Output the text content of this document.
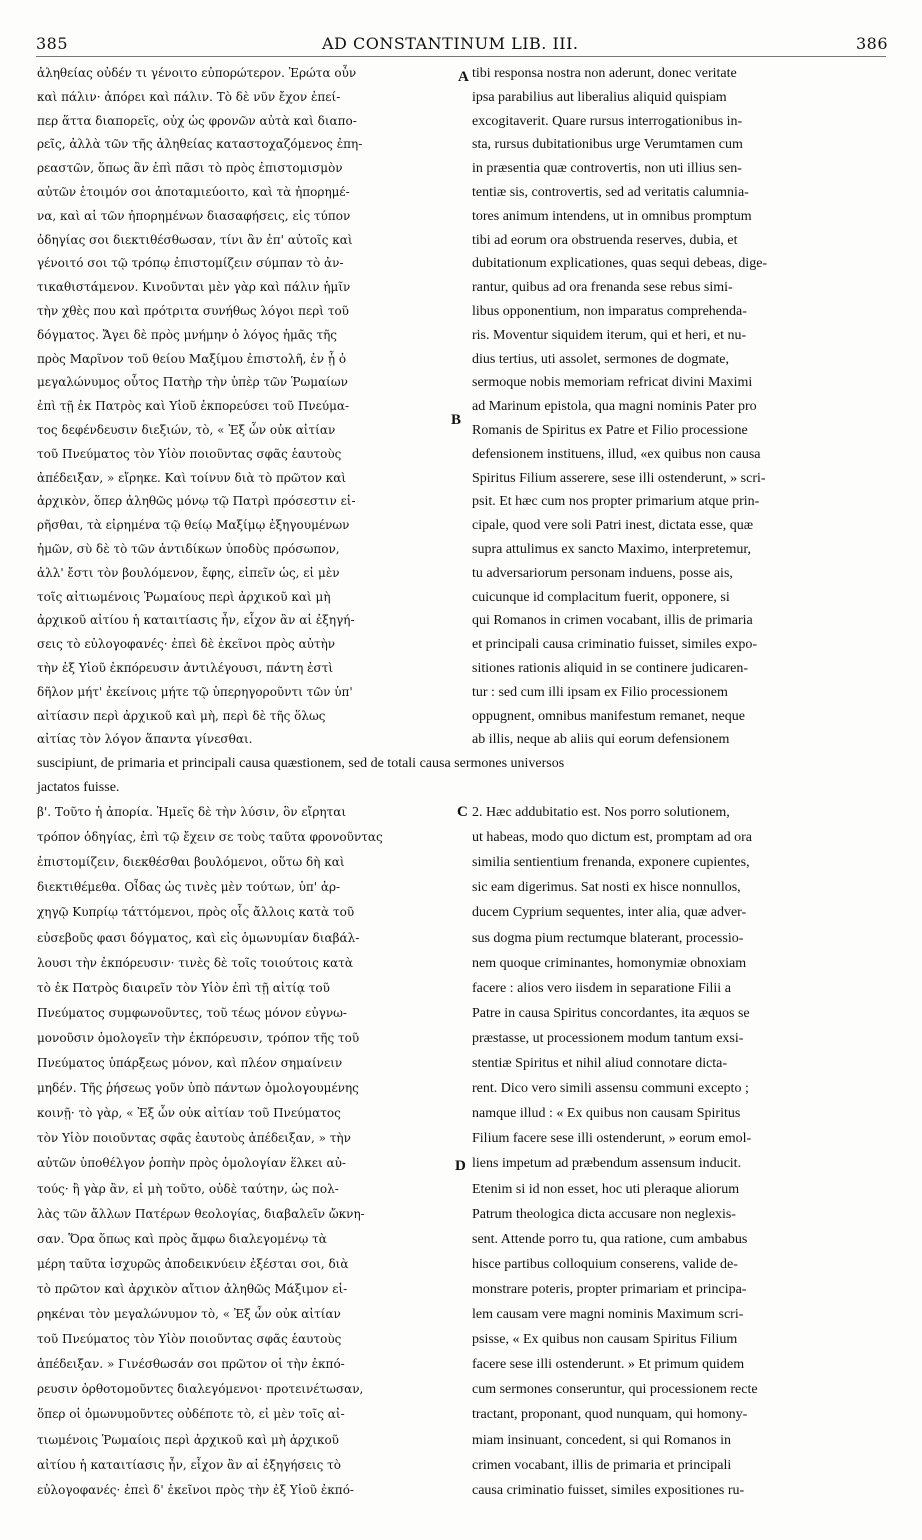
385	AD CONSTANTINUM LIB. III.	386
A
B
C
D
ἀληθείας οὐδέν τι γένοιτο εὐπορώτερον. Ἐρώτα οὖν
καὶ πάλιν· ἀπόρει καὶ πάλιν. Τὸ δὲ νῦν ἔχον ἐπεί-
περ ἅττα διαπορεῖς, οὐχ ὡς φρονῶν αὐτὰ καὶ διαπο-
ρεῖς, ἀλλὰ τῶν τῆς ἀληθείας καταστοχαζόμενος ἐπη-
ρεαστῶν, ὅπως ἂν ἐπὶ πᾶσι τὸ πρὸς ἐπιστομισμὸν
αὐτῶν ἑτοιμόν σοι ἀποταμιεύοιτο, καὶ τὰ ἠπορημέ-
να, καὶ αἱ τῶν ἠπορημένων διασαφήσεις, εἰς τύπον
ὁδηγίας σοι διεκτιθέσθωσαν, τίνι ἂν ἐπ' αὐτοῖς καὶ
γένοιτό σοι τῷ τρόπῳ ἐπιστομίζειν σύμπαν τὸ ἀν-
τικαθιστάμενον. Κινοῦνται μὲν γὰρ καὶ πάλιν ἡμῖν
τὴν χθὲς που καὶ πρότριτα συνήθως λόγοι περὶ τοῦ
δόγματος. Ἄγει δὲ πρὸς μνήμην ὁ λόγος ἡμᾶς τῆς
πρὸς Μαρῖνον τοῦ θείου Μαξίμου ἐπιστολῆ, ἐν ᾗ ὁ
μεγαλώνυμος οὗτος Πατὴρ τὴν ὑπὲρ τῶν Ῥωμαίων
ἐπὶ τῇ ἐκ Πατρὸς καὶ Υἱοῦ ἐκπορεύσει τοῦ Πνεύμα-
τος δεφένδευσιν διεξιών, τὸ, « Ἐξ ὧν οὐκ αἰτίαν
τοῦ Πνεύματος τὸν Υἱὸν ποιοῦντας σφᾶς ἑαυτοὺς
ἀπέδειξαν, » εἴρηκε. Καὶ τοίνυν διὰ τὸ πρῶτον καὶ
ἀρχικὸν, ὅπερ ἀληθῶς μόνῳ τῷ Πατρὶ πρόσεστιν εἰ-
ρῆσθαι, τὰ εἰρημένα τῷ θείῳ Μαξίμῳ ἐξηγουμένων
ἡμῶν, σὺ δὲ τὸ τῶν ἀντιδίκων ὑποδὺς πρόσωπον,
ἀλλ' ἔστι τὸν βουλόμενον, ἔφης, εἰπεῖν ὡς, εἰ μὲν
τοῖς αἰτιωμένοις Ῥωμαίους περὶ ἀρχικοῦ καὶ μὴ
ἀρχικοῦ αἰτίου ἡ καταιτίασις ἦν, εἶχον ἂν αἱ ἐξηγή-
σεις τὸ εὐλογοφανές· ἐπεὶ δὲ ἐκεῖνοι πρὸς αὐτὴν
τὴν ἐξ Υἱοῦ ἐκπόρευσιν ἀντιλέγουσι, πάντη ἐστὶ
δῆλον μήτ' ἐκείνοις μήτε τῷ ὑπερηγοροῦντι τῶν ὑπ'
αἰτίασιν περὶ ἀρχικοῦ καὶ μὴ, περὶ δὲ τῆς ὅλως
αἰτίας τὸν λόγον ἅπαντα γίνεσθαι.
tibi responsa nostra non aderunt, donec veritate
ipsa parabilius aut liberalius aliquid quispiam
excogitaverit. Quare rursus interrogationibus in-
sta, rursus dubitationibus urge Verumtamen cum
in præsentia quæ controvertis, non uti illius sen-
tentiæ sis, controvertis, sed ad veritatis calumnia-
tores animum intendens, ut in omnibus promptum
tibi ad eorum ora obstruenda reserves, dubia, et
dubitationum explicationes, quas sequi debeas, dige-
rantur, quibus ad ora frenanda sese rebus simi-
libus opponentium, non imparatus comprehenda-
ris. Moventur siquidem iterum, qui et heri, et nu-
dius tertius, uti assolet, sermones de dogmate,
sermoque nobis memoriam refricat divini Maximi
ad Marinum epistola, qua magni nominis Pater pro
Romanis de Spiritus ex Patre et Filio processione
defensionem instituens, illud, «ex quibus non causa
Spiritus Filium asserere, sese illi ostenderunt, » scri-
psit. Et hæc cum nos propter primarium atque prin-
cipale, quod vere soli Patri inest, dictata esse, quæ
supra attulimus ex sancto Maximo, interpretemur,
tu adversariorum personam induens, posse ais,
cuicunque id complacitum fuerit, opponere, si
qui Romanos in crimen vocabant, illis de primaria
et principali causa criminatio fuisset, similes expo-
sitiones rationis aliquid in se continere judicaren-
tur : sed cum illi ipsam ex Filio processionem
oppugnent, omnibus manifestum remanet, neque
ab illis, neque ab aliis qui eorum defensionem
suscipiunt, de primaria et principali causa quæstionem, sed de totali causa sermones universos
jactatos fuisse.
β'. Τοῦτο ἡ ἀπορία. Ἡμεῖς δὲ τὴν λύσιν, ὃν εἴρηται
τρόπον ὁδηγίας, ἐπὶ τῷ ἔχειν σε τοὺς ταῦτα φρονοῦντας
ἐπιστομίζειν, διεκθέσθαι βουλόμενοι, οὕτω δὴ καὶ
διεκτιθέμεθα. Οἶδας ὡς τινὲς μὲν τούτων, ὑπ' ἀρ-
χηγῷ Κυπρίῳ τάττόμενοι, πρὸς οἷς ἄλλοις κατὰ τοῦ
εὐσεβοῦς φασι δόγματος, καὶ εἰς ὁμωνυμίαν διαβάλ-
λουσι τὴν ἐκπόρευσιν· τινὲς δὲ τοῖς τοιούτοις κατὰ
τὸ ἐκ Πατρὸς διαιρεῖν τὸν Υἱὸν ἐπὶ τῇ αἰτίᾳ τοῦ
Πνεύματος συμφωνοῦντες, τοῦ τέως μόνον εὐγνω-
μονοῦσιν ὁμολογεῖν τὴν ἐκπόρευσιν, τρόπον τῆς τοῦ
Πνεύματος ὑπάρξεως μόνον, καὶ πλέον σημαίνειν
μηδέν. Τῆς ῥήσεως γοῦν ὑπὸ πάντων ὁμολογουμένης
κοινῇ· τὸ γὰρ, « Ἐξ ὧν οὐκ αἰτίαν τοῦ Πνεύματος
τὸν Υἱὸν ποιοῦντας σφᾶς ἑαυτοὺς ἀπέδειξαν, » τὴν
αὐτῶν ὑποθέλγον ῥοπὴν πρὸς ὁμολογίαν ἕλκει αὐ-
τούς· ἢ γὰρ ἂν, εἰ μὴ τοῦτο, οὐδὲ ταύτην, ὡς πολ-
λὰς τῶν ἄλλων Πατέρων θεολογίας, διαβαλεῖν ὤκνη-
σαν. Ὅρα ὅπως καὶ πρὸς ἄμφω διαλεγομένῳ τὰ
μέρη ταῦτα ἰσχυρῶς ἀποδεικνύειν ἐξέσται σοι, διὰ
τὸ πρῶτον καὶ ἀρχικὸν αἴτιον ἀληθῶς Μάξιμον εἰ-
ρηκέναι τὸν μεγαλώνυμον τὸ, « Ἐξ ὧν οὐκ αἰτίαν
τοῦ Πνεύματος τὸν Υἱὸν ποιοῦντας σφᾶς ἑαυτοὺς
ἀπέδειξαν. » Γινέσθωσάν σοι πρῶτον οἱ τὴν ἐκπό-
ρευσιν ὀρθοτομοῦντες διαλεγόμενοι· προτεινέτωσαν,
ὅπερ οἱ ὁμωνυμοῦντες οὐδέποτε τὸ, εἰ μὲν τοῖς αἰ-
τιωμένοις Ῥωμαίοις περὶ ἀρχικοῦ καὶ μὴ ἀρχικοῦ
αἰτίου ἡ καταιτίασις ἦν, εἶχον ἂν αἱ ἐξηγήσεις τὸ
εὐλογοφανές· ἐπεὶ δ' ἐκεῖνοι πρὸς τὴν ἐξ Υἱοῦ ἐκπό-
2. Hæc addubitatio est. Nos porro solutionem,
ut habeas, modo quo dictum est, promptam ad ora
similia sentientium frenanda, exponere cupientes,
sic eam digerimus. Sat nosti ex hisce nonnullos,
ducem Cyprium sequentes, inter alia, quæ adver-
sus dogma pium rectumque blaterant, processio-
nem quoque criminantes, homonymiæ obnoxiam
facere : alios vero iisdem in separatione Filii a
Patre in causa Spiritus concordantes, ita æquos se
præstasse, ut processionem modum tantum exsi-
stentiæ Spiritus et nihil aliud connotare dicta-
rent. Dico vero simili assensu communi excepto ;
namque illud : « Ex quibus non causam Spiritus
Filium facere sese illi ostenderunt, » eorum emol-
liens impetum ad præbendum assensum inducit.
Etenim si id non esset, hoc uti pleraque aliorum
Patrum theologica dicta accusare non neglexis-
sent. Attende porro tu, qua ratione, cum ambabus
hisce partibus colloquium conserens, valide de-
monstrare poteris, propter primariam et principa-
lem causam vere magni nominis Maximum scri-
psisse, « Ex quibus non causam Spiritus Filium
facere sese illi ostenderunt. » Et primum quidem
cum sermones conseruntur, qui processionem recte
tractant, proponant, quod nunquam, qui homony-
miam insinuant, concedent, si qui Romanos in
crimen vocabant, illis de primaria et principali
causa criminatio fuisset, similes expositiones ru-
